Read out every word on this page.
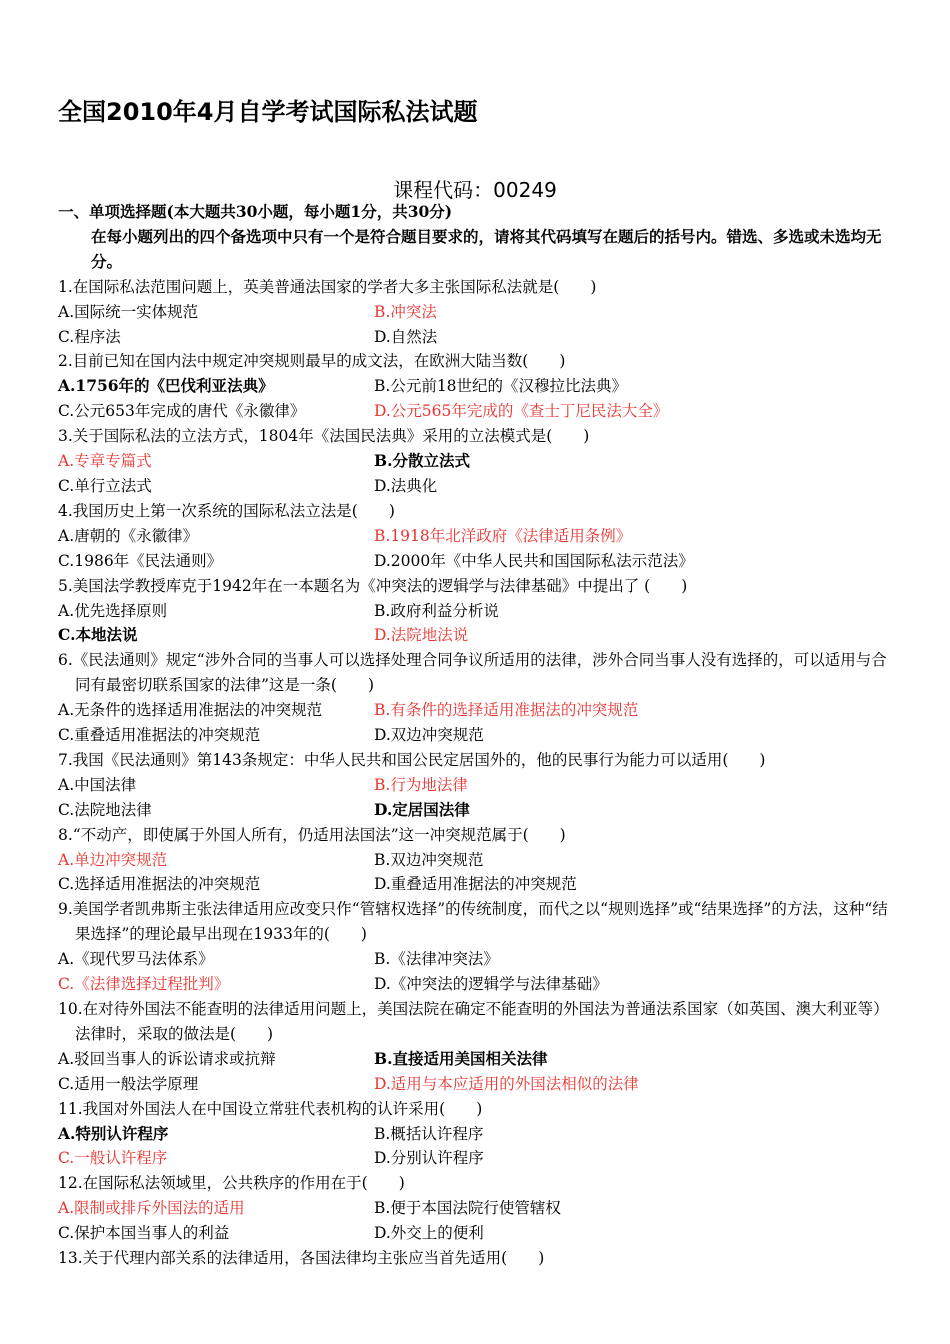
全国2010年4月自学考试国际私法试题
课程代码：00249
一、单项选择题(本大题共30小题，每小题1分，共30分)
在每小题列出的四个备选项中只有一个是符合题目要求的，请将其代码填写在题后的括号内。错选、多选或未选均无分。
1.在国际私法范围问题上，英美普通法国家的学者大多主张国际私法就是(　　)
A.国际统一实体规范	B.冲突法
C.程序法	D.自然法
2.目前已知在国内法中规定冲突规则最早的成文法，在欧洲大陆当数(　　)
A.1756年的《巴伐利亚法典》	B.公元前18世纪的《汉穆拉比法典》
C.公元653年完成的唐代《永徽律》	D.公元565年完成的《查士丁尼民法大全》
3.关于国际私法的立法方式，1804年《法国民法典》采用的立法模式是(　　)
A.专章专篇式	B.分散立法式
C.单行立法式	D.法典化
4.我国历史上第一次系统的国际私法立法是(　　)
A.唐朝的《永徽律》	B.1918年北洋政府《法律适用条例》
C.1986年《民法通则》	D.2000年《中华人民共和国国际私法示范法》
5.美国法学教授库克于1942年在一本题名为《冲突法的逻辑学与法律基础》中提出了 (　　)
A.优先选择原则	B.政府利益分析说
C.本地法说	D.法院地法说
6.《民法通则》规定“涉外合同的当事人可以选择处理合同争议所适用的法律，涉外合同当事人没有选择的，可以适用与合同有最密切联系国家的法律”这是一条(　　)
A.无条件的选择适用准据法的冲突规范	B.有条件的选择适用准据法的冲突规范
C.重叠适用准据法的冲突规范	D.双边冲突规范
7.我国《民法通则》第143条规定：中华人民共和国公民定居国外的，他的民事行为能力可以适用(　　)
A.中国法律	B.行为地法律
C.法院地法律	D.定居国法律
8.“不动产，即使属于外国人所有，仍适用法国法”这一冲突规范属于(　　)
A.单边冲突规范	B.双边冲突规范
C.选择适用准据法的冲突规范	D.重叠适用准据法的冲突规范
9.美国学者凯弗斯主张法律适用应改变只作“管辖权选择”的传统制度，而代之以“规则选择”或“结果选择”的方法，这种“结果选择”的理论最早出现在1933年的(　　)
A.《现代罗马法体系》	B.《法律冲突法》
C.《法律选择过程批判》	D.《冲突法的逻辑学与法律基础》
10.在对待外国法不能查明的法律适用问题上，美国法院在确定不能查明的外国法为普通法系国家（如英国、澳大利亚等）法律时，采取的做法是(　　)
A.驳回当事人的诉讼请求或抗辩	B.直接适用美国相关法律
C.适用一般法学原理	D.适用与本应适用的外国法相似的法律
11.我国对外国法人在中国设立常驻代表机构的认许采用(　　)
A.特别认许程序	B.概括认许程序
C.一般认许程序	D.分别认许程序
12.在国际私法领域里，公共秩序的作用在于(　　)
A.限制或排斥外国法的适用	B.便于本国法院行使管辖权
C.保护本国当事人的利益	D.外交上的便利
13.关于代理内部关系的法律适用，各国法律均主张应当首先适用(　　)
